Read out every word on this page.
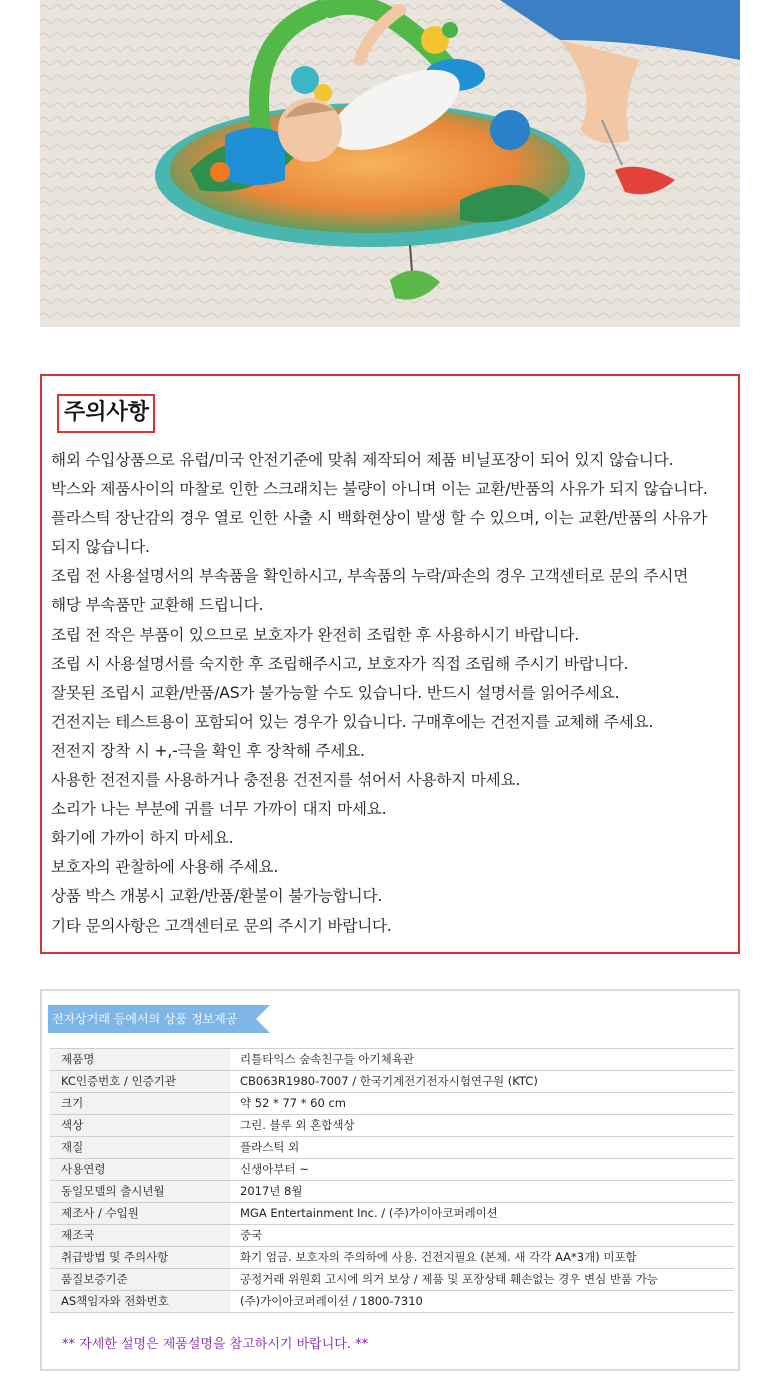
주의사항
해외 수입상품으로 유럽/미국 안전기준에 맞춰 제작되어 제품 비닐포장이 되어 있지 않습니다.
박스와 제품사이의 마찰로 인한 스크래치는 불량이 아니며 이는 교환/반품의 사유가 되지 않습니다.
플라스틱 장난감의 경우 열로 인한 사출 시 백화현상이 발생 할 수 있으며, 이는 교환/반품의 사유가
되지 않습니다.
조립 전 사용설명서의 부속품을 확인하시고, 부속품의 누락/파손의 경우 고객센터로 문의 주시면
해당 부속품만 교환해 드립니다.
조립 전 작은 부품이 있으므로 보호자가 완전히 조립한 후 사용하시기 바랍니다.
조립 시 사용설명서를 숙지한 후 조립해주시고, 보호자가 직접 조립해 주시기 바랍니다.
잘못된 조립시 교환/반품/AS가 불가능할 수도 있습니다. 반드시 설명서를 읽어주세요.
건전지는 테스트용이 포함되어 있는 경우가 있습니다. 구매후에는 건전지를 교체해 주세요.
전전지 장착 시 +,-극을 확인 후 장착해 주세요.
사용한 전전지를 사용하거나 충전용 건전지를 섞어서 사용하지 마세요.
소리가 나는 부분에 귀를 너무 가까이 대지 마세요.
화기에 가까이 하지 마세요.
보호자의 관찰하에 사용해 주세요.
상품 박스 개봉시 교환/반품/환불이 불가능합니다.
기타 문의사항은 고객센터로 문의 주시기 바랍니다.
전자상거래 등에서의 상품 정보제공
제품명	리틀타익스 숲속친구들 아기체육관
KC인증번호 / 인증기관	CB063R1980-7007 / 한국기계전기전자시험연구원 (KTC)
크기	약 52 * 77 * 60 cm
색상	그린. 블루 외 혼합색상
재질	플라스틱 외
사용연령	신생아부터 ~
동일모델의 출시년월	2017년 8월
제조사 / 수입원	MGA Entertainment Inc. / (주)가이아코퍼레이션
제조국	중국
취급방법 및 주의사항	화기 엄금. 보호자의 주의하에 사용. 건전지필요 (본체. 새 각각 AA*3개) 미포함
품질보증기준	공정거래 위원회 고시에 의거 보상 / 제품 및 포장상태 훼손없는 경우 변심 반품 가능
AS책임자와 전화번호	(주)가이아코퍼레이션 / 1800-7310
** 자세한 설명은 제품설명을 참고하시기 바랍니다. **
